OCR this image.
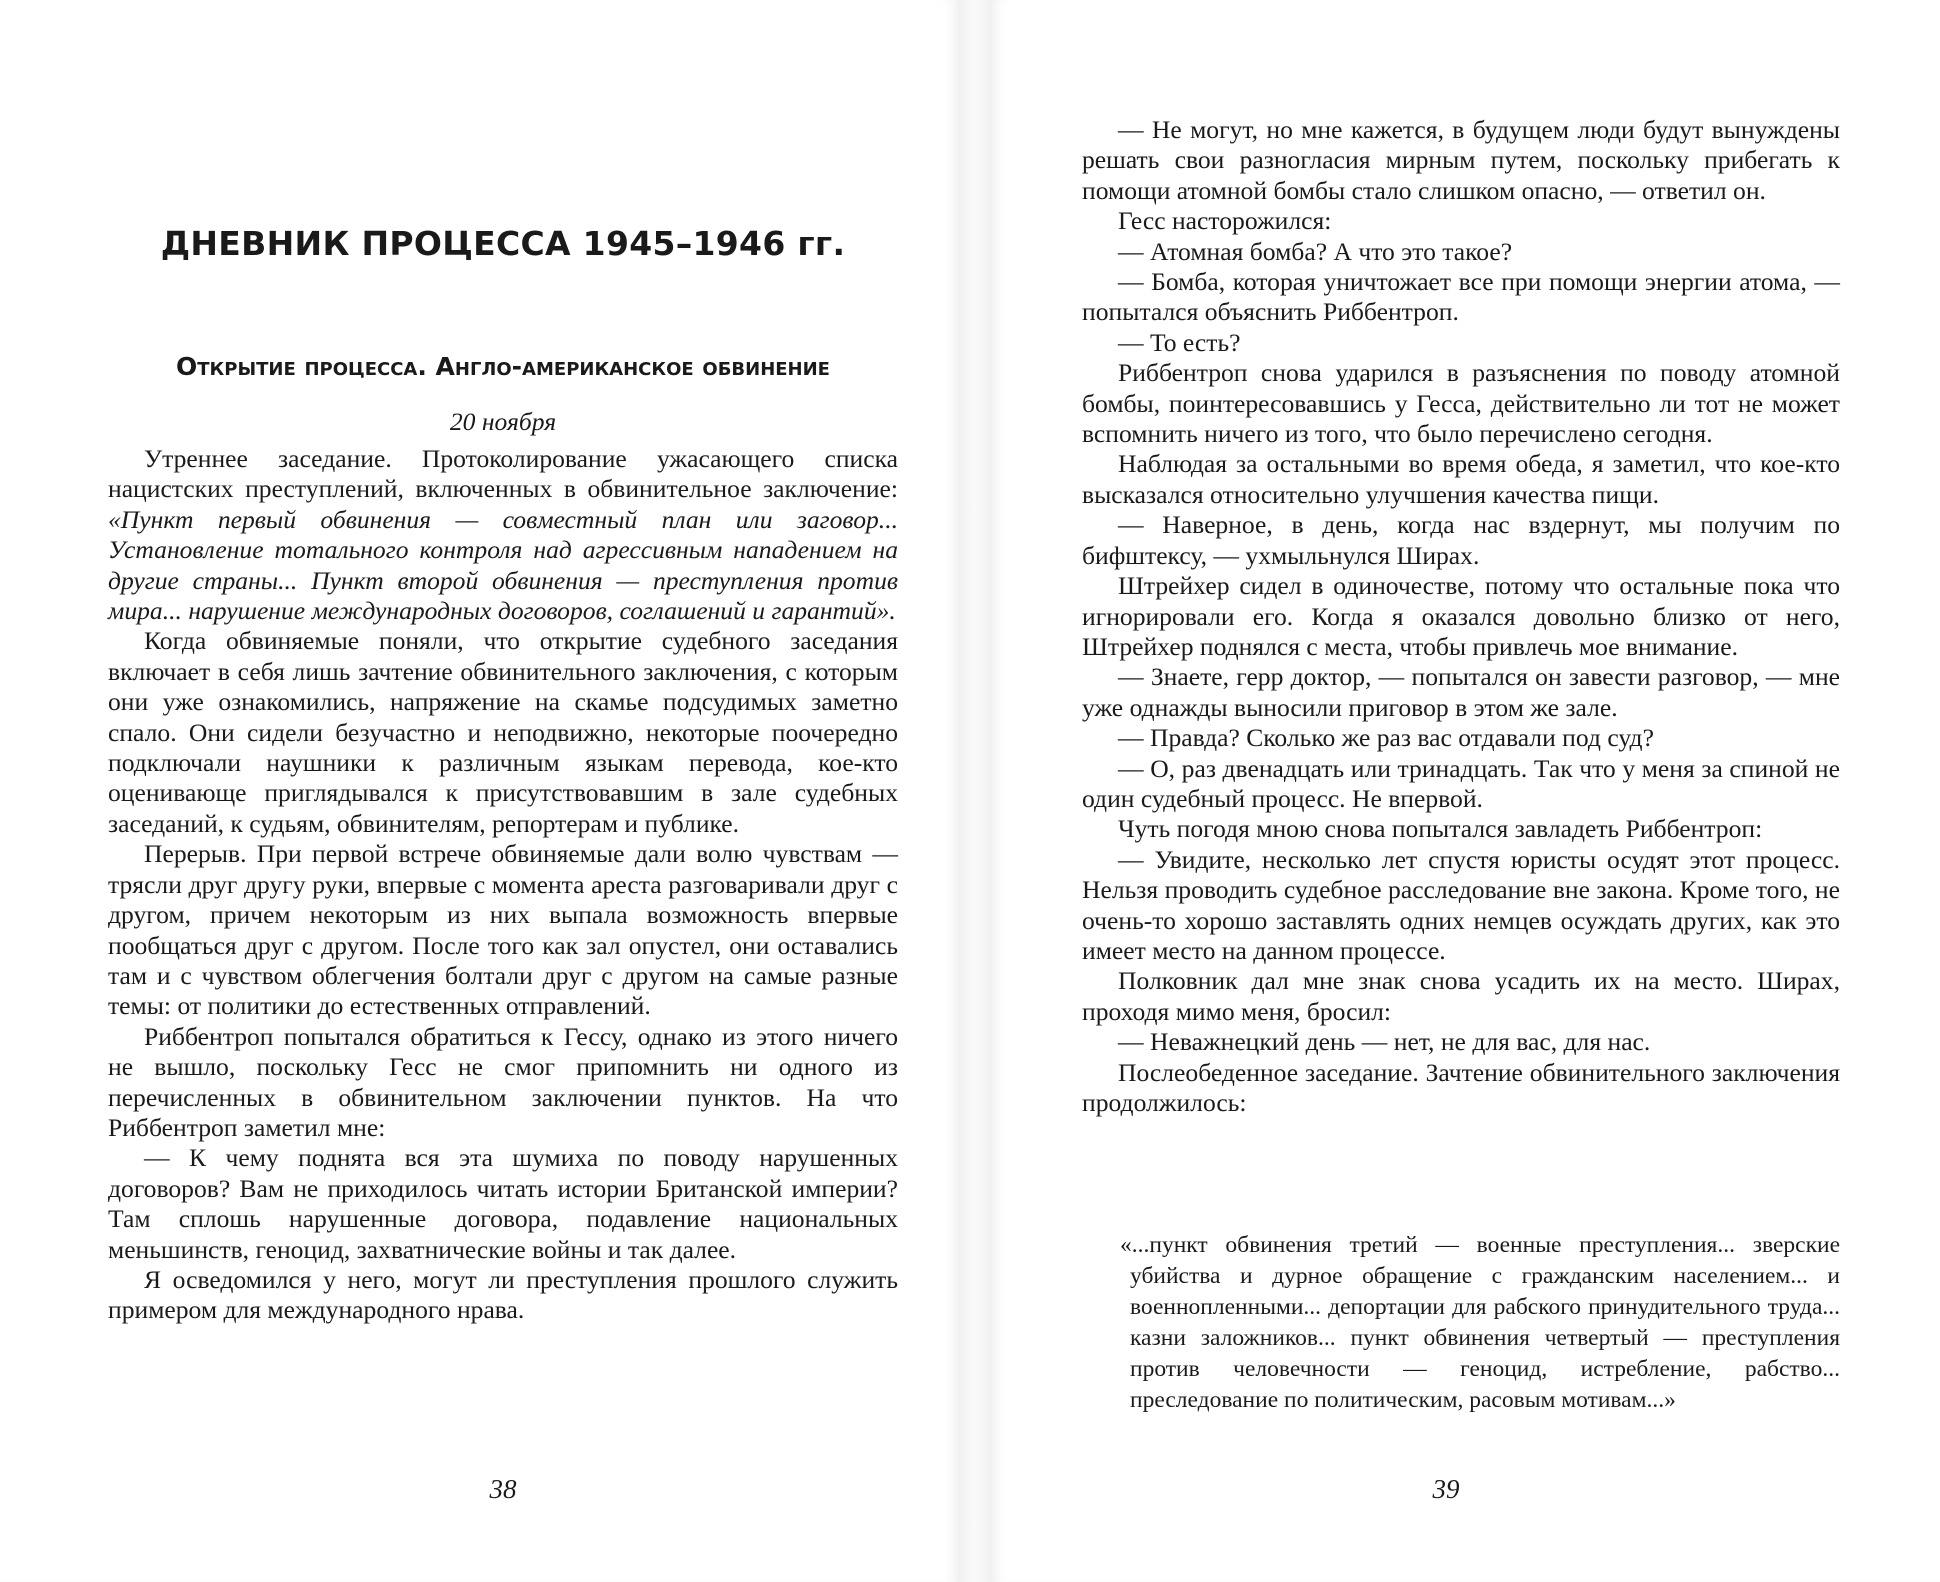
ДНЕВНИК ПРОЦЕССА 1945–1946 гг.
Открытие процесса. Англо-американское обвинение
20 ноября

Утреннее заседание. Протоколирование ужасающего списка нацистских преступлений, включенных в обвинительное заключение: «Пункт первый обвинения — совместный план или заговор... Установление тотального контроля над агрессивным нападением на другие страны... Пункт второй обвинения — преступления против мира... нарушение международных договоров, соглашений и гарантий».

Когда обвиняемые поняли, что открытие судебного заседания включает в себя лишь зачтение обвинительного заключения, с которым они уже ознакомились, напряжение на скамье подсудимых заметно спало. Они сидели безучастно и неподвижно, некоторые поочередно подключали наушники к различным языкам перевода, кое-кто оценивающе приглядывался к присутствовавшим в зале судебных заседаний, к судьям, обвинителям, репортерам и публике.

Перерыв. При первой встрече обвиняемые дали волю чувствам — трясли друг другу руки, впервые с момента ареста разговаривали друг с другом, причем некоторым из них выпала возможность впервые пообщаться друг с другом. После того как зал опустел, они оставались там и с чувством облегчения болтали друг с другом на самые разные темы: от политики до естественных отправлений.

Риббентроп попытался обратиться к Гессу, однако из этого ничего не вышло, поскольку Гесс не смог припомнить ни одного из перечисленных в обвинительном заключении пунктов. На что Риббентроп заметил мне:

— К чему поднята вся эта шумиха по поводу нарушенных договоров? Вам не приходилось читать истории Британской империи? Там сплошь нарушенные договора, подавление национальных меньшинств, геноцид, захватнические войны и так далее.

Я осведомился у него, могут ли преступления прошлого служить примером для международного нрава.

38

— Не могут, но мне кажется, в будущем люди будут вынуждены решать свои разногласия мирным путем, поскольку прибегать к помощи атомной бомбы стало слишком опасно, — ответил он.

Гесс насторожился:

— Атомная бомба? А что это такое?

— Бомба, которая уничтожает все при помощи энергии атома, — попытался объяснить Риббентроп.

— То есть?

Риббентроп снова ударился в разъяснения по поводу атомной бомбы, поинтересовавшись у Гесса, действительно ли тот не может вспомнить ничего из того, что было перечислено сегодня.

Наблюдая за остальными во время обеда, я заметил, что кое-кто высказался относительно улучшения качества пищи.

— Наверное, в день, когда нас вздернут, мы получим по бифштексу, — ухмыльнулся Ширах.

Штрейхер сидел в одиночестве, потому что остальные пока что игнорировали его. Когда я оказался довольно близко от него, Штрейхер поднялся с места, чтобы привлечь мое внимание.

— Знаете, герр доктор, — попытался он завести разговор, — мне уже однажды выносили приговор в этом же зале.

— Правда? Сколько же раз вас отдавали под суд?

— О, раз двенадцать или тринадцать. Так что у меня за спиной не один судебный процесс. Не впервой.

Чуть погодя мною снова попытался завладеть Риббентроп:

— Увидите, несколько лет спустя юристы осудят этот процесс. Нельзя проводить судебное расследование вне закона. Кроме того, не очень-то хорошо заставлять одних немцев осуждать других, как это имеет место на данном процессе.

Полковник дал мне знак снова усадить их на место. Ширах, проходя мимо меня, бросил:

— Неважнецкий день — нет, не для вас, для нас.

Послеобеденное заседание. Зачтение обвинительного заключения продолжилось:

«...пункт обвинения третий — военные преступления... зверские убийства и дурное обращение с гражданским населением... и военнопленными... депортации для рабского принудительного труда... казни заложников... пункт обвинения четвертый — преступления против человечности — геноцид, истребление, рабство... преследование по политическим, расовым мотивам...»

39
